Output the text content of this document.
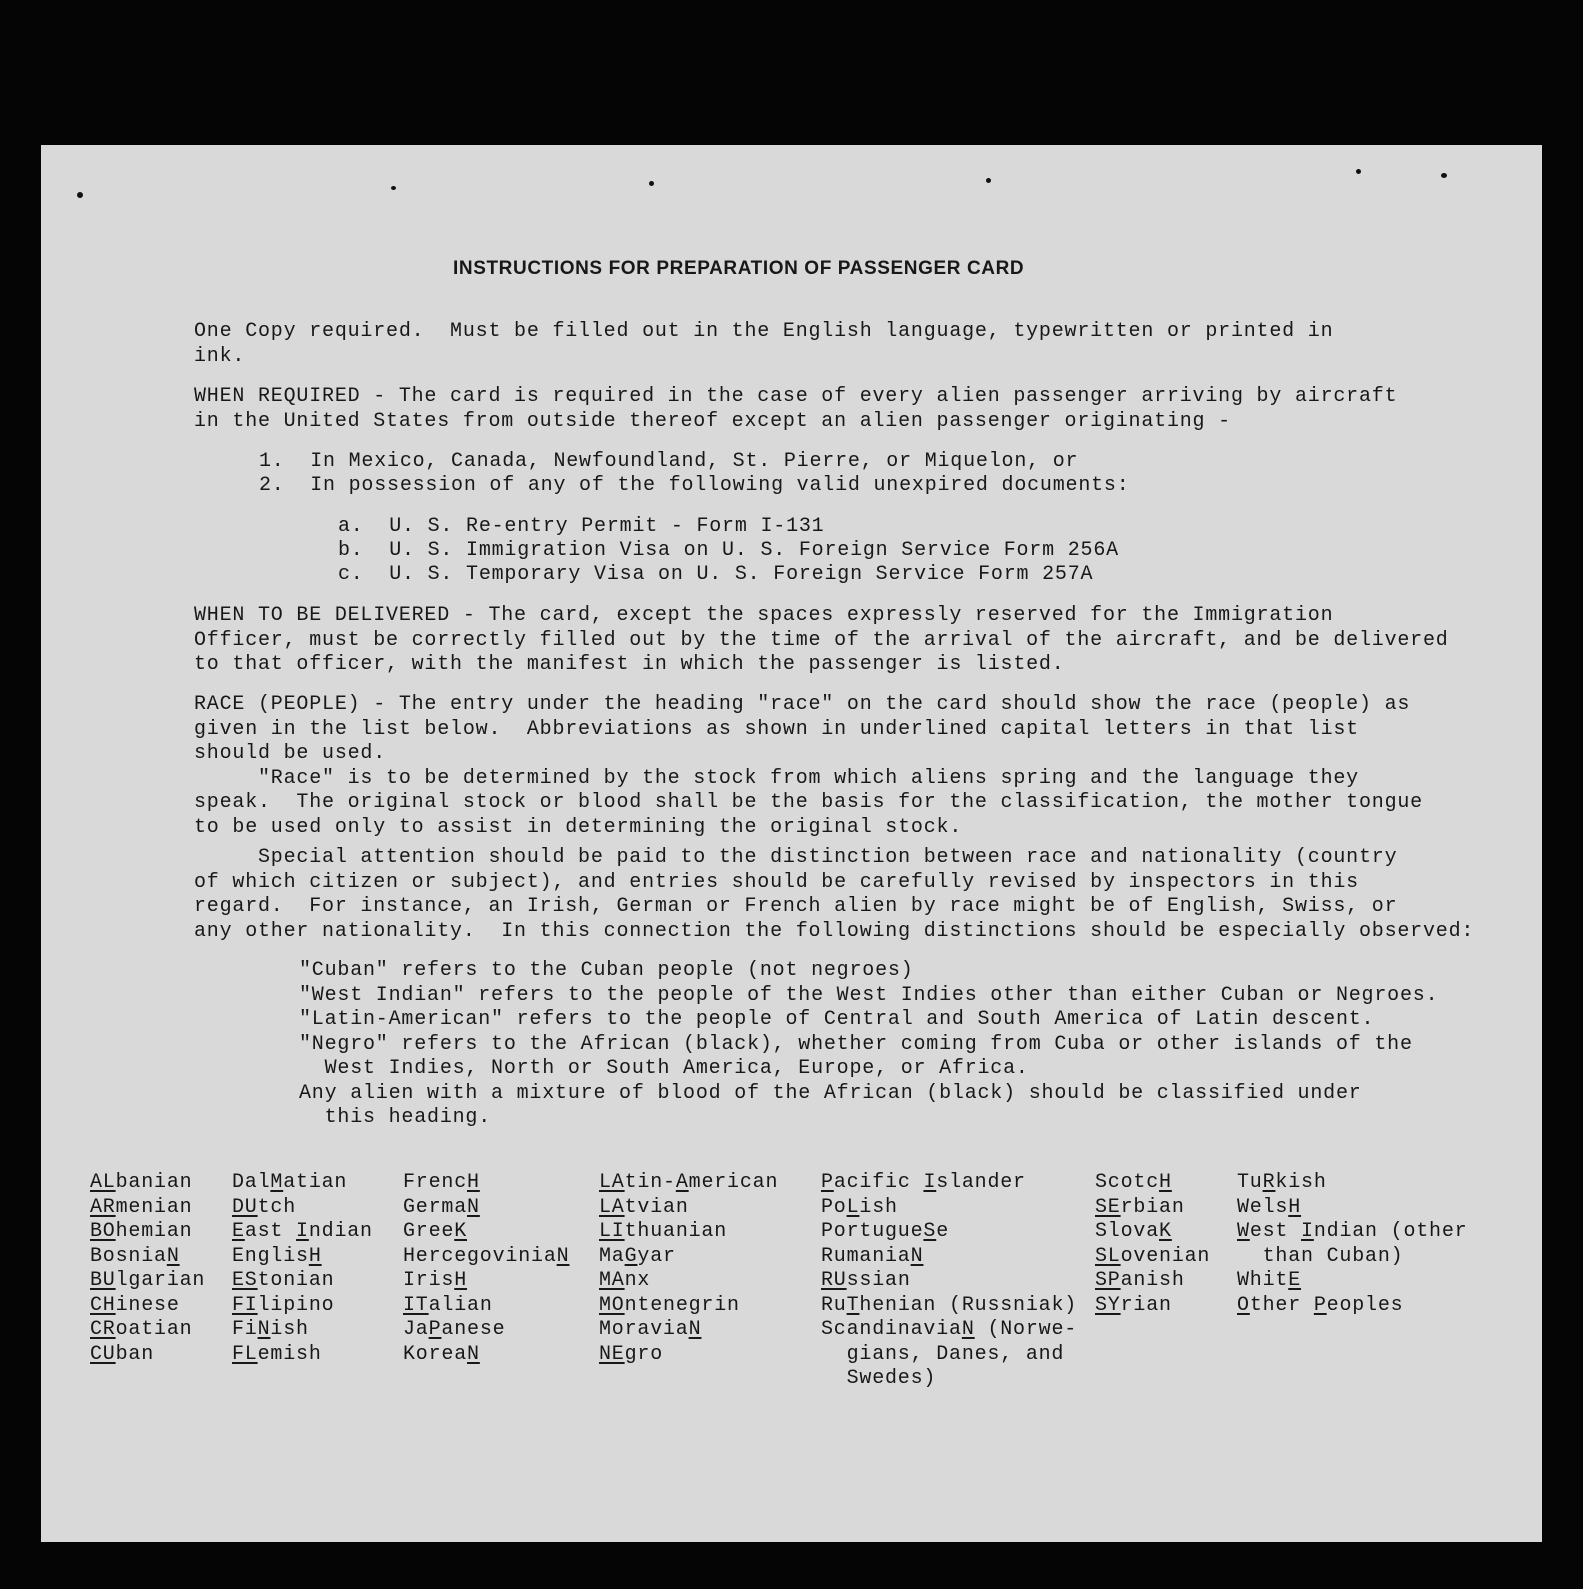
INSTRUCTIONS FOR PREPARATION OF PASSENGER CARD

One Copy required.  Must be filled out in the English language, typewritten or printed in
ink.

WHEN REQUIRED - The card is required in the case of every alien passenger arriving by aircraft
in the United States from outside thereof except an alien passenger originating -

1.  In Mexico, Canada, Newfoundland, St. Pierre, or Miquelon, or

2.  In possession of any of the following valid unexpired documents:

a.  U. S. Re-entry Permit - Form I-131

b.  U. S. Immigration Visa on U. S. Foreign Service Form 256A

c.  U. S. Temporary Visa on U. S. Foreign Service Form 257A

WHEN TO BE DELIVERED - The card, except the spaces expressly reserved for the Immigration
Officer, must be correctly filled out by the time of the arrival of the aircraft, and be delivered
to that officer, with the manifest in which the passenger is listed.

RACE (PEOPLE) - The entry under the heading "race" on the card should show the race (people) as
given in the list below.  Abbreviations as shown in underlined capital letters in that list
should be used.
"Race" is to be determined by the stock from which aliens spring and the language they
speak.  The original stock or blood shall be the basis for the classification, the mother tongue
to be used only to assist in determining the original stock.

Special attention should be paid to the distinction between race and nationality (country
of which citizen or subject), and entries should be carefully revised by inspectors in this
regard.  For instance, an Irish, German or French alien by race might be of English, Swiss, or
any other nationality.  In this connection the following distinctions should be especially observed:

"Cuban" refers to the Cuban people (not negroes)
"West Indian" refers to the people of the West Indies other than either Cuban or Negroes.
"Latin-American" refers to the people of Central and South America of Latin descent.
"Negro" refers to the African (black), whether coming from Cuba or other islands of the
West Indies, North or South America, Europe, or Africa.
Any alien with a mixture of blood of the African (black) should be classified under
this heading.

ALbanian

ARmenian

BOhemian

BosniaN

BUlgarian

CHinese

CRoatian

CUban

DalMatian

DUtch

East Indian

EnglisH

EStonian

FIlipino

FiNish

FLemish

FrencH

GermaN

GreeK

HercegoviniaN

IrisH

ITalian

JaPanese

KoreaN

LAtin-American

LAtvian

LIthuanian

MaGyar

MAnx

MOntenegrin

MoraviaN

NEgro

Pacific Islander

PoLish

PortugueSe

RumaniaN

RUssian

RuThenian (Russniak)

ScandinaviaN (Norwe-

gians, Danes, and

Swedes)

ScotcH

SErbian

SlovaK

SLovenian

SPanish

SYrian

TuRkish

WelsH

West Indian (other

than Cuban)

WhitE

Other Peoples
